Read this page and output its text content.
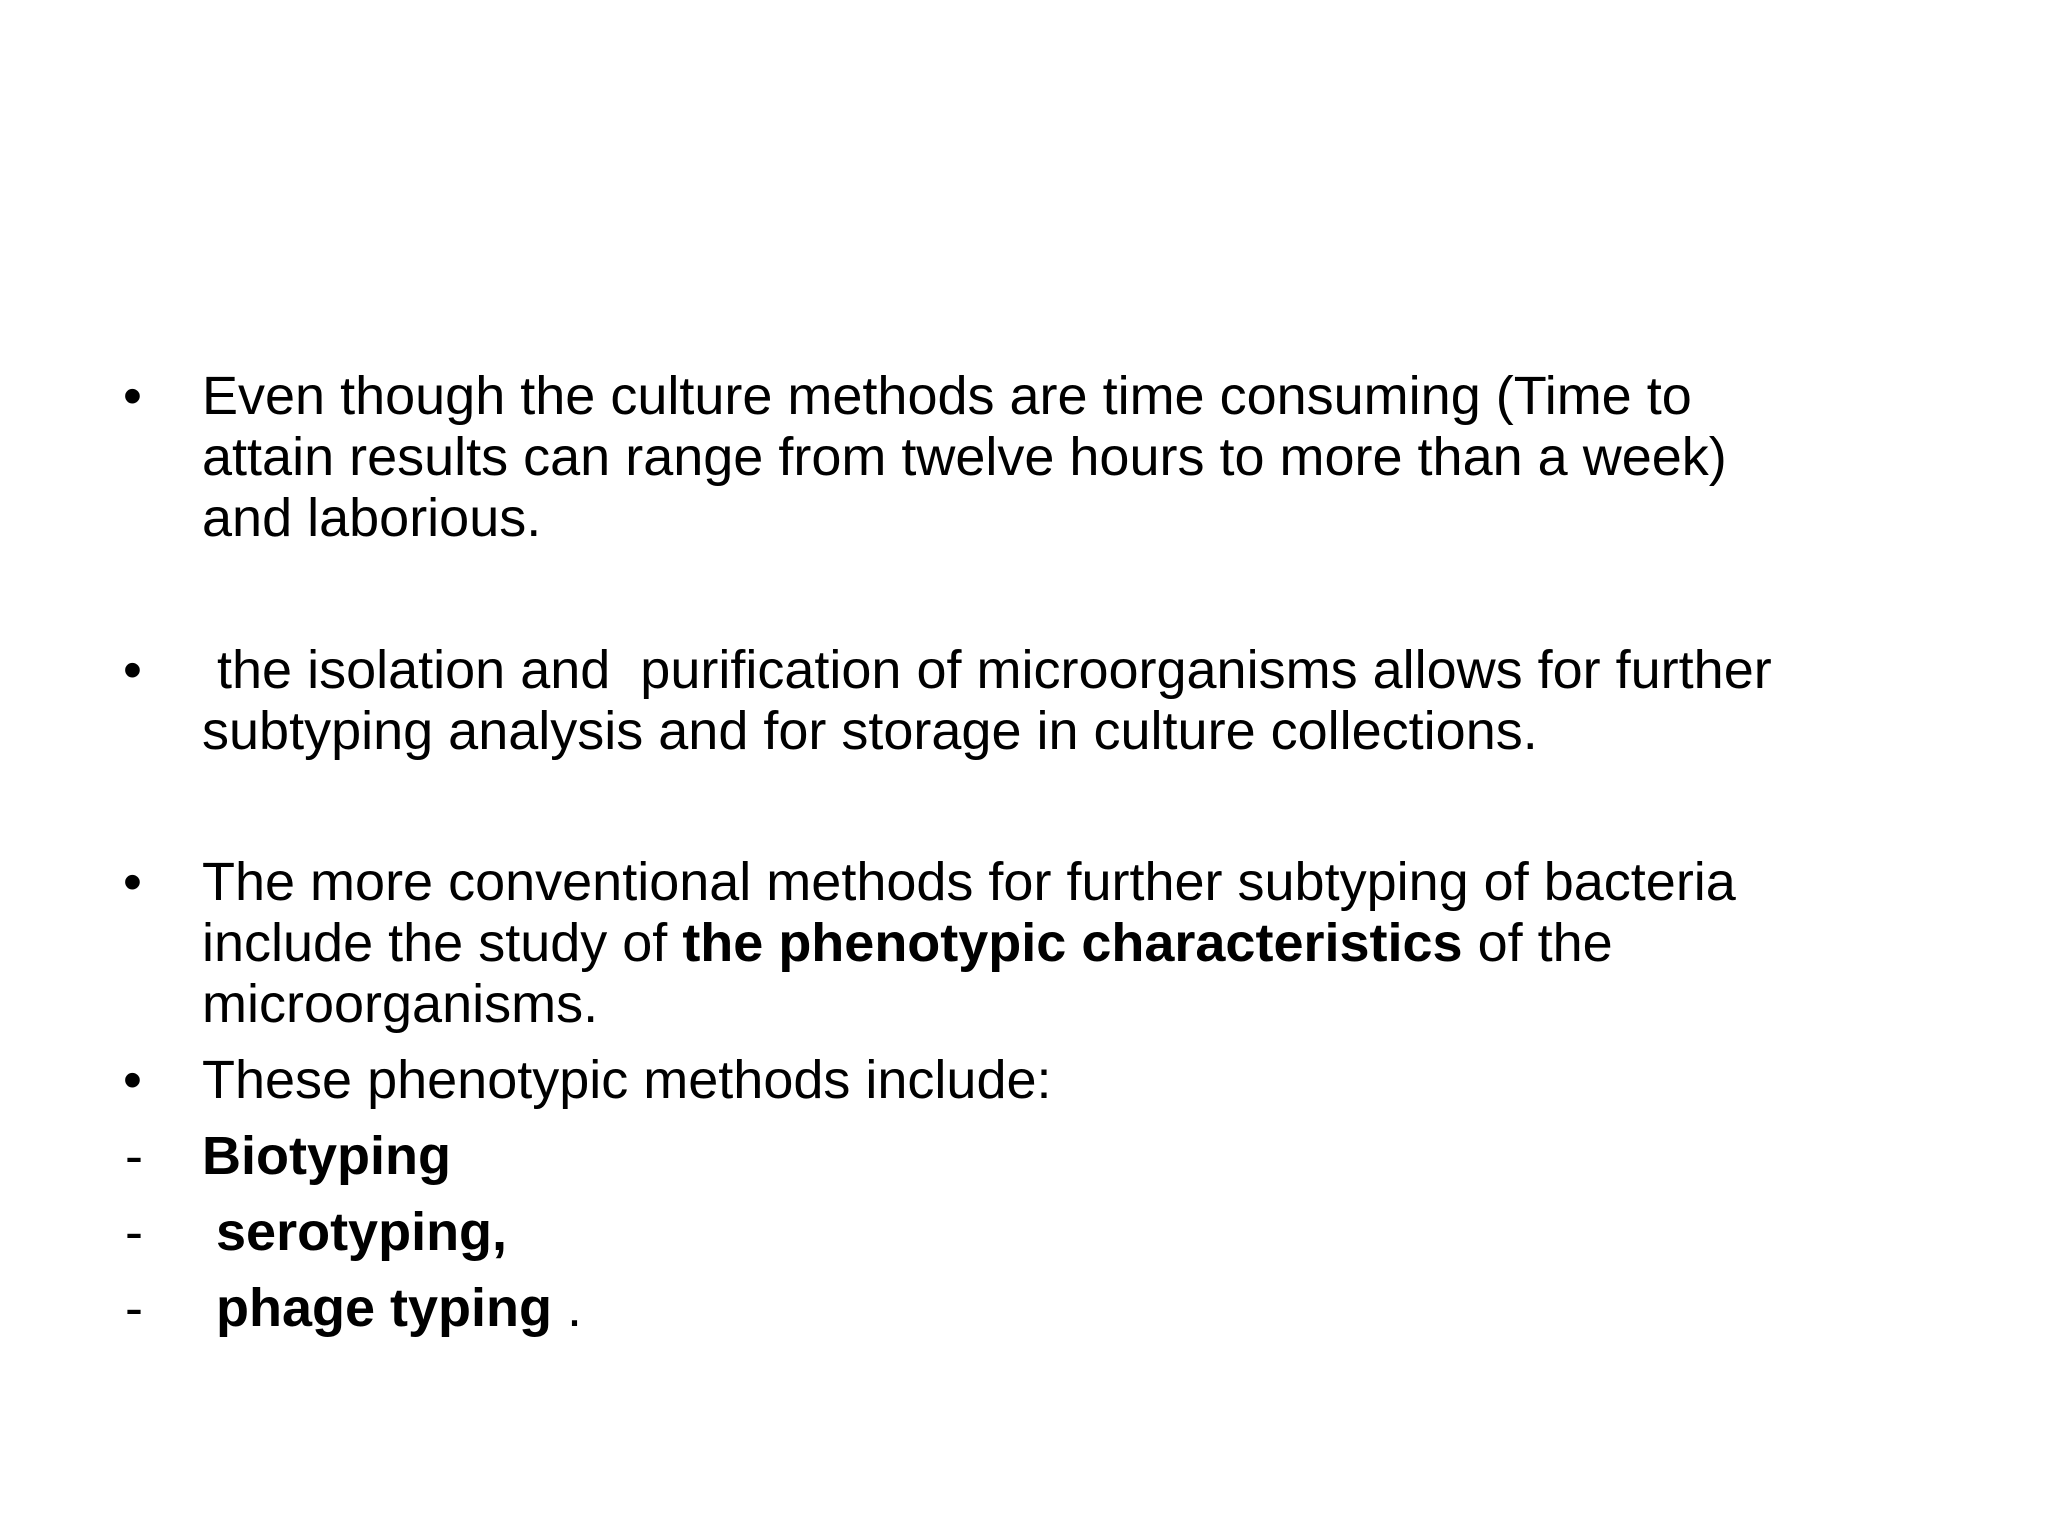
• Even though the culture methods are time consuming (Time to
attain results can range from twelve hours to more than a week)
and laborious.
• the isolation and  purification of microorganisms allows for further
subtyping analysis and for storage in culture collections.
• The more conventional methods for further subtyping of bacteria
include the study of the phenotypic characteristics of the
microorganisms.
• These phenotypic methods include:
- Biotyping
- serotyping,
- phage typing .
